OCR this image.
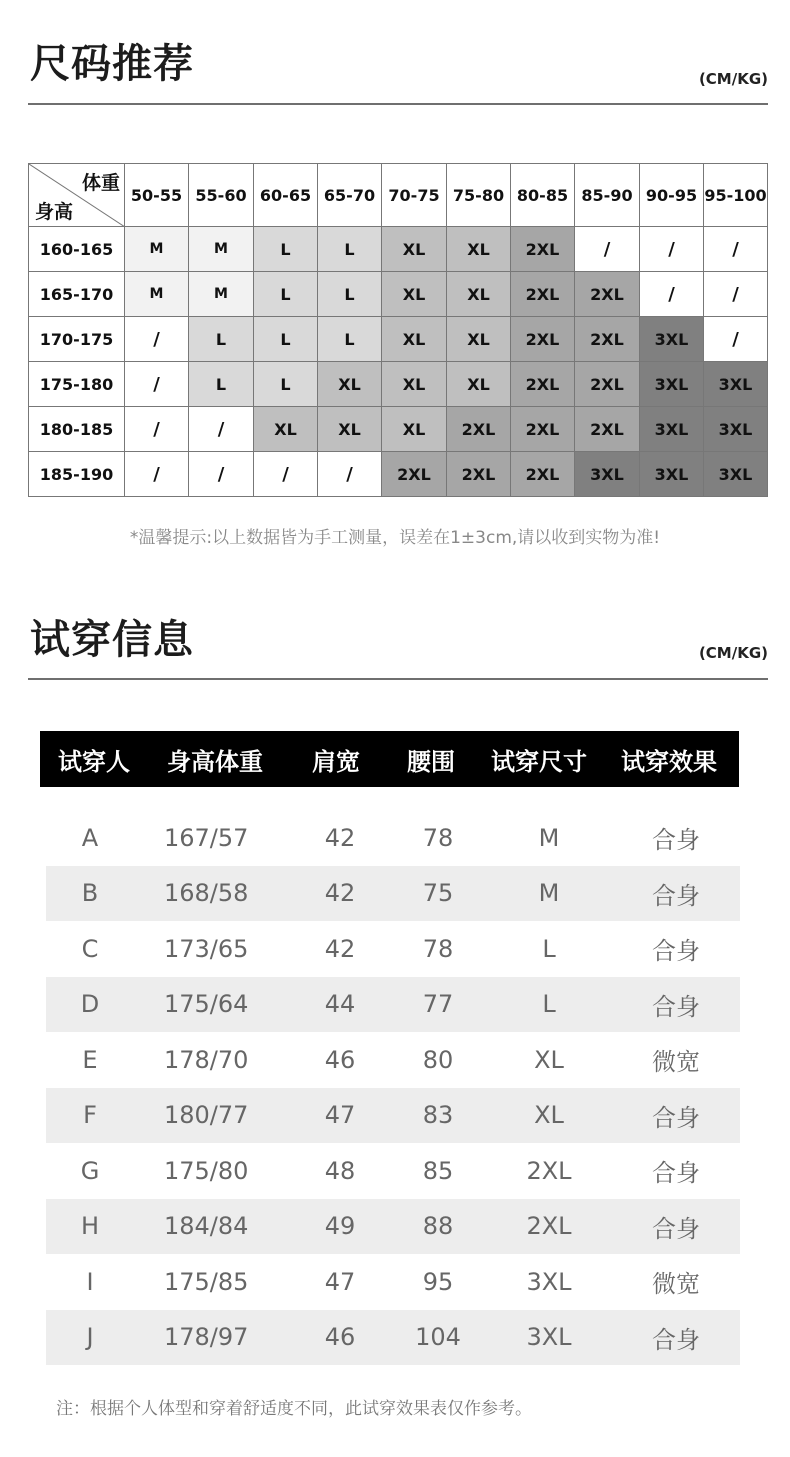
尺码推荐	(CM/KG)
体重
身高	50-55	55-60	60-65	65-70	70-75	75-80	80-85	85-90	90-95	95-100
160-165	M	M	L	L	XL	XL	2XL	/	/	/
165-170	M	M	L	L	XL	XL	2XL	2XL	/	/
170-175	/	L	L	L	XL	XL	2XL	2XL	3XL	/
175-180	/	L	L	XL	XL	XL	2XL	2XL	3XL	3XL
180-185	/	/	XL	XL	XL	2XL	2XL	2XL	3XL	3XL
185-190	/	/	/	/	2XL	2XL	2XL	3XL	3XL	3XL
*温馨提示:以上数据皆为手工测量，误差在1±3cm,请以收到实物为准!
试穿信息	(CM/KG)
试穿人	身高体重	肩宽	腰围	试穿尺寸	试穿效果
A	167/57	42	78	M	合身
B	168/58	42	75	M	合身
C	173/65	42	78	L	合身
D	175/64	44	77	L	合身
E	178/70	46	80	XL	微宽
F	180/77	47	83	XL	合身
G	175/80	48	85	2XL	合身
H	184/84	49	88	2XL	合身
I	175/85	47	95	3XL	微宽
J	178/97	46	104	3XL	合身
注：根据个人体型和穿着舒适度不同，此试穿效果表仅作参考。
